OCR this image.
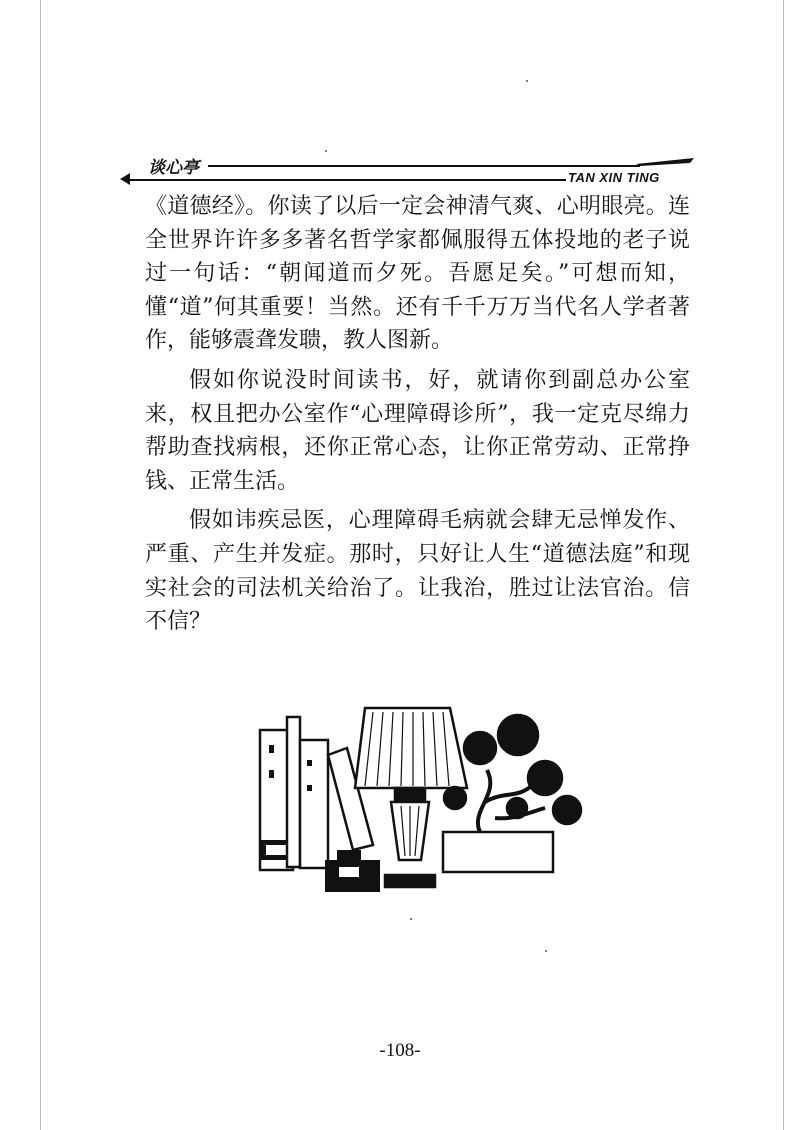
谈心亭	TAN XIN TING

《道德经》。你读了以后一定会神清气爽、心明眼亮。连全世界许许多多著名哲学家都佩服得五体投地的老子说过一句话：“朝闻道而夕死。吾愿足矣。”可想而知，懂“道”何其重要！当然。还有千千万万当代名人学者著作，能够震聋发聩，教人图新。

假如你说没时间读书，好，就请你到副总办公室来，权且把办公室作“心理障碍诊所”，我一定克尽绵力帮助查找病根，还你正常心态，让你正常劳动、正常挣钱、正常生活。

假如讳疾忌医，心理障碍毛病就会肆无忌惮发作、严重、产生并发症。那时，只好让人生“道德法庭”和现实社会的司法机关给治了。让我治，胜过让法官治。信不信？

-108-
